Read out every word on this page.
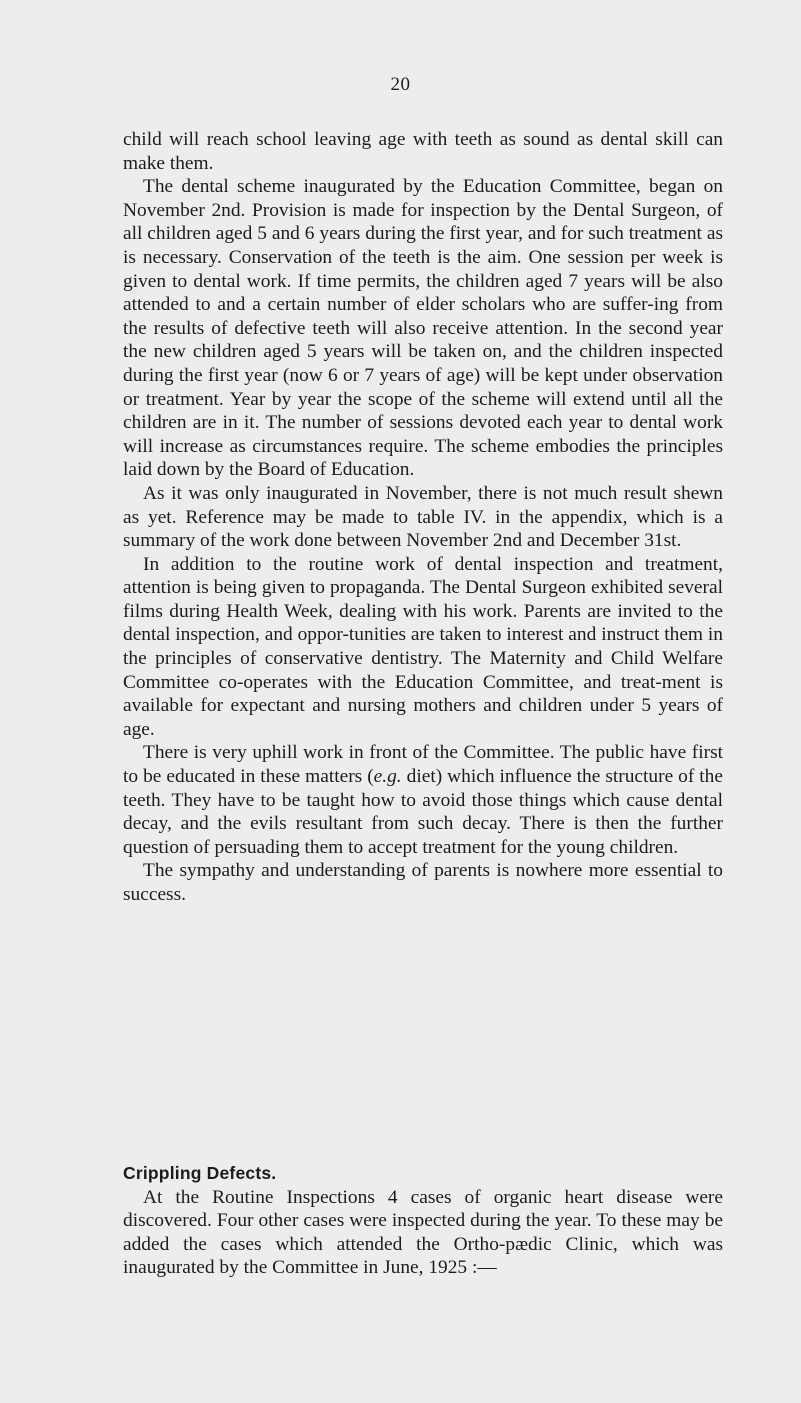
20

child will reach school leaving age with teeth as sound as dental skill can make them.

The dental scheme inaugurated by the Education Committee, began on November 2nd. Provision is made for inspection by the Dental Surgeon, of all children aged 5 and 6 years during the first year, and for such treatment as is necessary. Conservation of the teeth is the aim. One session per week is given to dental work. If time permits, the children aged 7 years will be also attended to and a certain number of elder scholars who are suffer-ing from the results of defective teeth will also receive attention. In the second year the new children aged 5 years will be taken on, and the children inspected during the first year (now 6 or 7 years of age) will be kept under observation or treatment. Year by year the scope of the scheme will extend until all the children are in it. The number of sessions devoted each year to dental work will increase as circumstances require. The scheme embodies the principles laid down by the Board of Education.

As it was only inaugurated in November, there is not much result shewn as yet. Reference may be made to table IV. in the appendix, which is a summary of the work done between November 2nd and December 31st.

In addition to the routine work of dental inspection and treatment, attention is being given to propaganda. The Dental Surgeon exhibited several films during Health Week, dealing with his work. Parents are invited to the dental inspection, and oppor-tunities are taken to interest and instruct them in the principles of conservative dentistry. The Maternity and Child Welfare Committee co-operates with the Education Committee, and treat-ment is available for expectant and nursing mothers and children under 5 years of age.

There is very uphill work in front of the Committee. The public have first to be educated in these matters (e.g. diet) which influence the structure of the teeth. They have to be taught how to avoid those things which cause dental decay, and the evils resultant from such decay. There is then the further question of persuading them to accept treatment for the young children.

The sympathy and understanding of parents is nowhere more essential to success.

Crippling Defects.

At the Routine Inspections 4 cases of organic heart disease were discovered. Four other cases were inspected during the year. To these may be added the cases which attended the Ortho-pædic Clinic, which was inaugurated by the Committee in June, 1925 :—
